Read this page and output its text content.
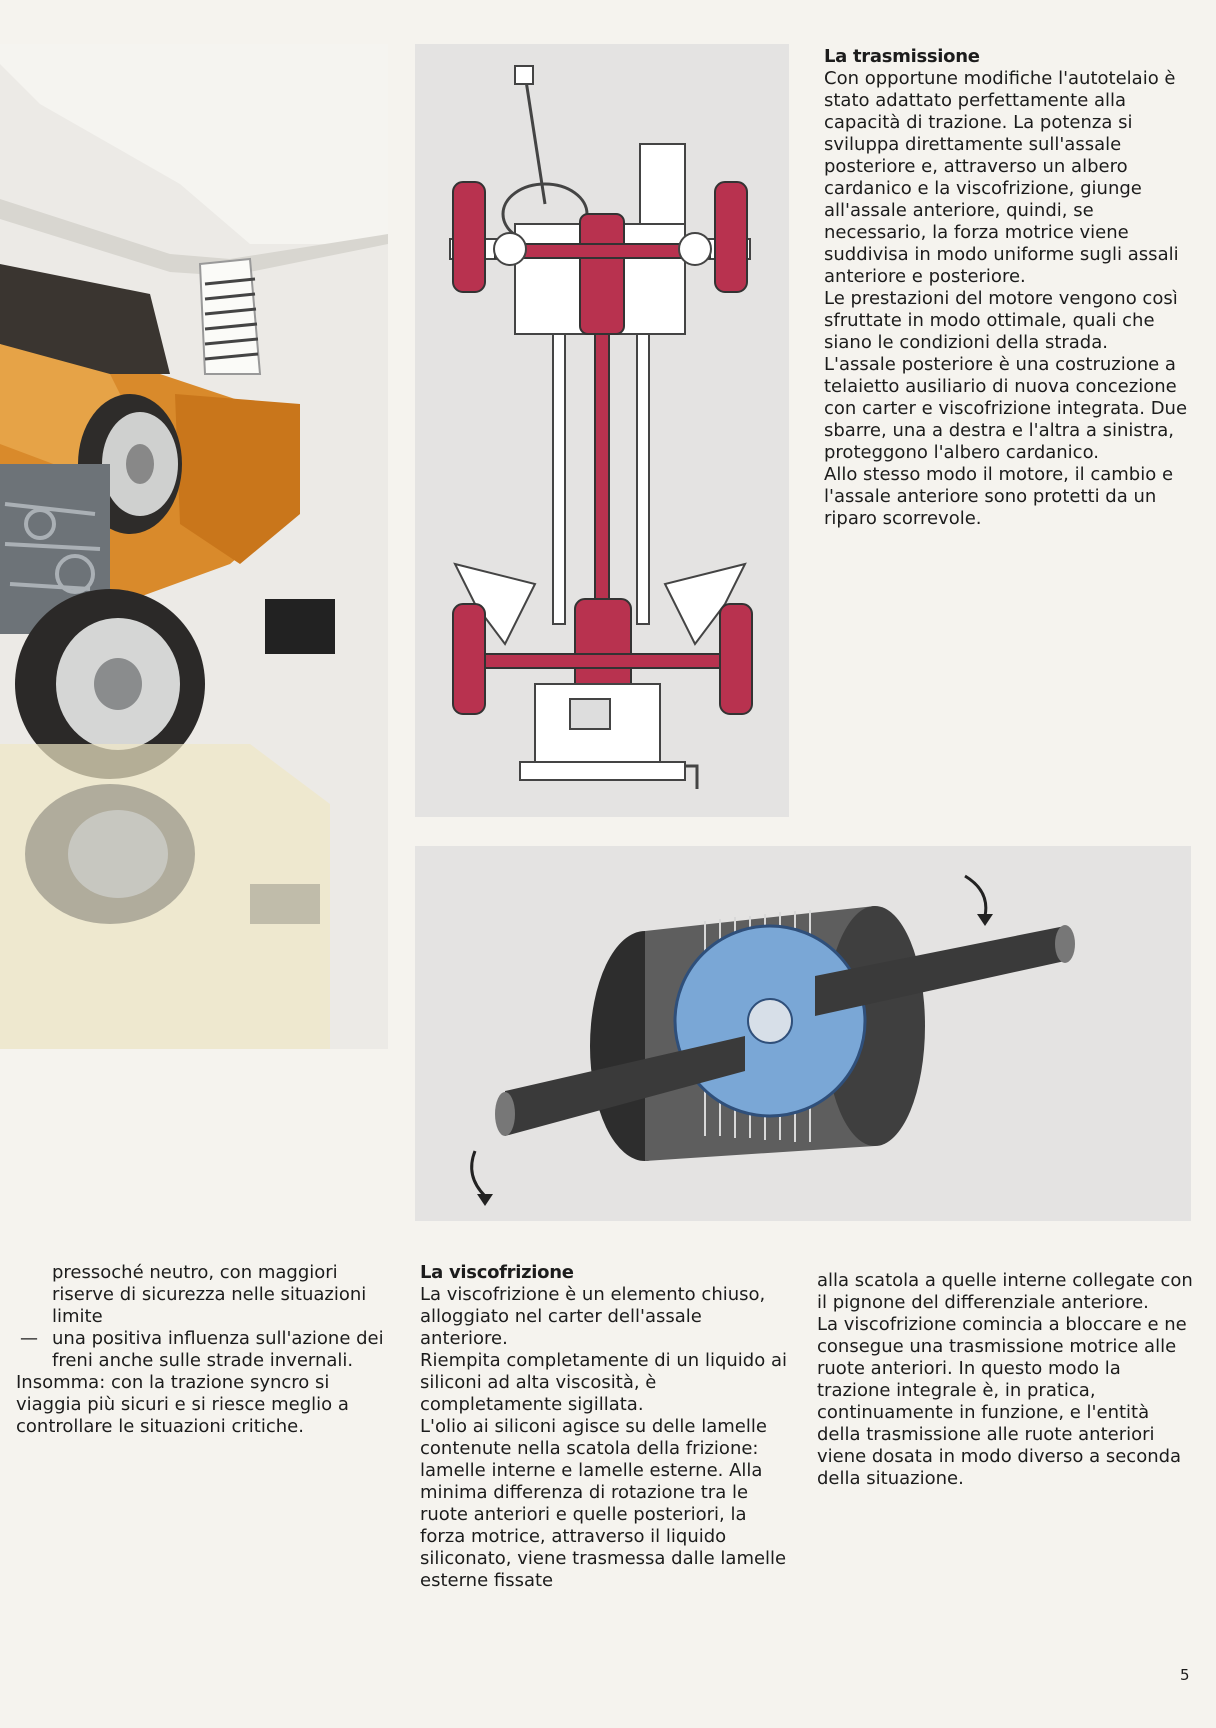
La trasmissione

Con opportune modifiche l'autotelaio è stato adattato perfettamente alla capacità di trazione. La potenza si sviluppa direttamente sull'assale posteriore e, attraverso un albero cardanico e la viscofrizione, giunge all'assale anteriore, quindi, se necessario, la forza motrice viene suddivisa in modo uniforme sugli assali anteriore e posteriore.

Le prestazioni del motore vengono così sfruttate in modo ottimale, quali che siano le condizioni della strada.

L'assale posteriore è una costruzione a telaietto ausiliario di nuova concezione con carter e viscofrizione integrata. Due sbarre, una a destra e l'altra a sinistra, proteggono l'albero cardanico.

Allo stesso modo il motore, il cambio e l'assale anteriore sono protetti da un riparo scorrevole.

pressoché neutro, con maggiori riserve di sicurezza nelle situazioni limite

— una positiva influenza sull'azione dei freni anche sulle strade invernali.

Insomma: con la trazione syncro si viaggia più sicuri e si riesce meglio a controllare le situazioni critiche.

La viscofrizione

La viscofrizione è un elemento chiuso, alloggiato nel carter dell'assale anteriore.

Riempita completamente di un liquido ai siliconi ad alta viscosità, è completamente sigillata.

L'olio ai siliconi agisce su delle lamelle contenute nella scatola della frizione: lamelle interne e lamelle esterne. Alla minima differenza di rotazione tra le ruote anteriori e quelle posteriori, la forza motrice, attraverso il liquido siliconato, viene trasmessa dalle lamelle esterne fissate

alla scatola a quelle interne collegate con il pignone del differenziale anteriore.

La viscofrizione comincia a bloccare e ne consegue una trasmissione motrice alle ruote anteriori. In questo modo la trazione integrale è, in pratica, continuamente in funzione, e l'entità della trasmissione alle ruote anteriori viene dosata in modo diverso a seconda della situazione.

5
